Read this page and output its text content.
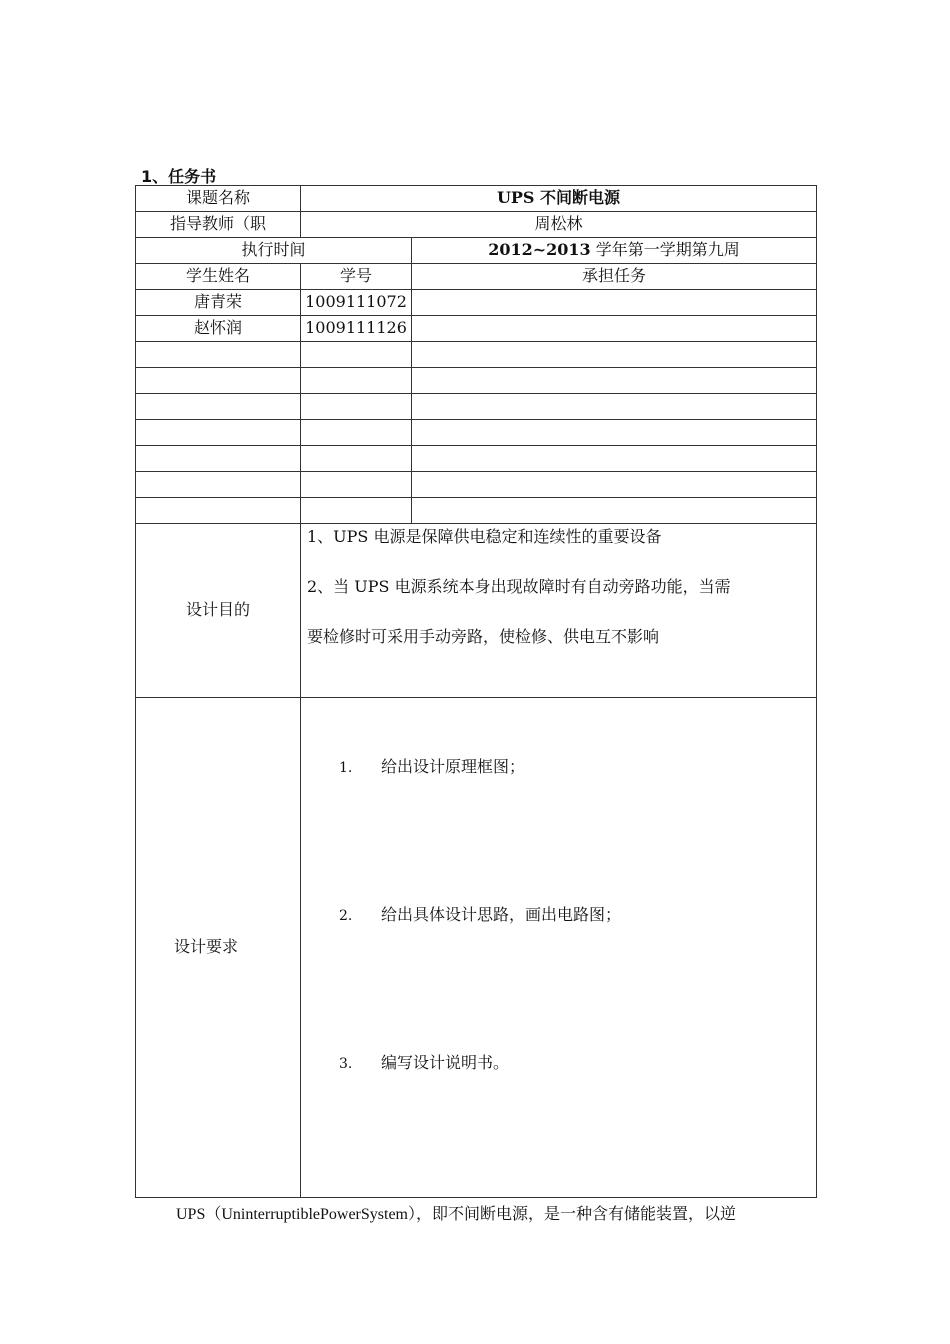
1、任务书
课题名称	UPS 不间断电源	
指导教师（职	周松林	
执行时间		2012~2013 学年第一学期第九周
学生姓名	学号	承担任务
唐青荣	1009111072	
赵怀润	1009111126	

设计目的	1、UPS 电源是保障供电稳定和连续性的重要设备

2、当 UPS 电源系统本身出现故障时有自动旁路功能，当需

要检修时可采用手动旁路，使检修、供电互不影响	

设计要求	1. 给出设计原理框图；
2. 给出具体设计思路，画出电路图；
3. 编写设计说明书。	
UPS（UninterruptiblePowerSystem），即不间断电源，是一种含有储能装置，以逆
